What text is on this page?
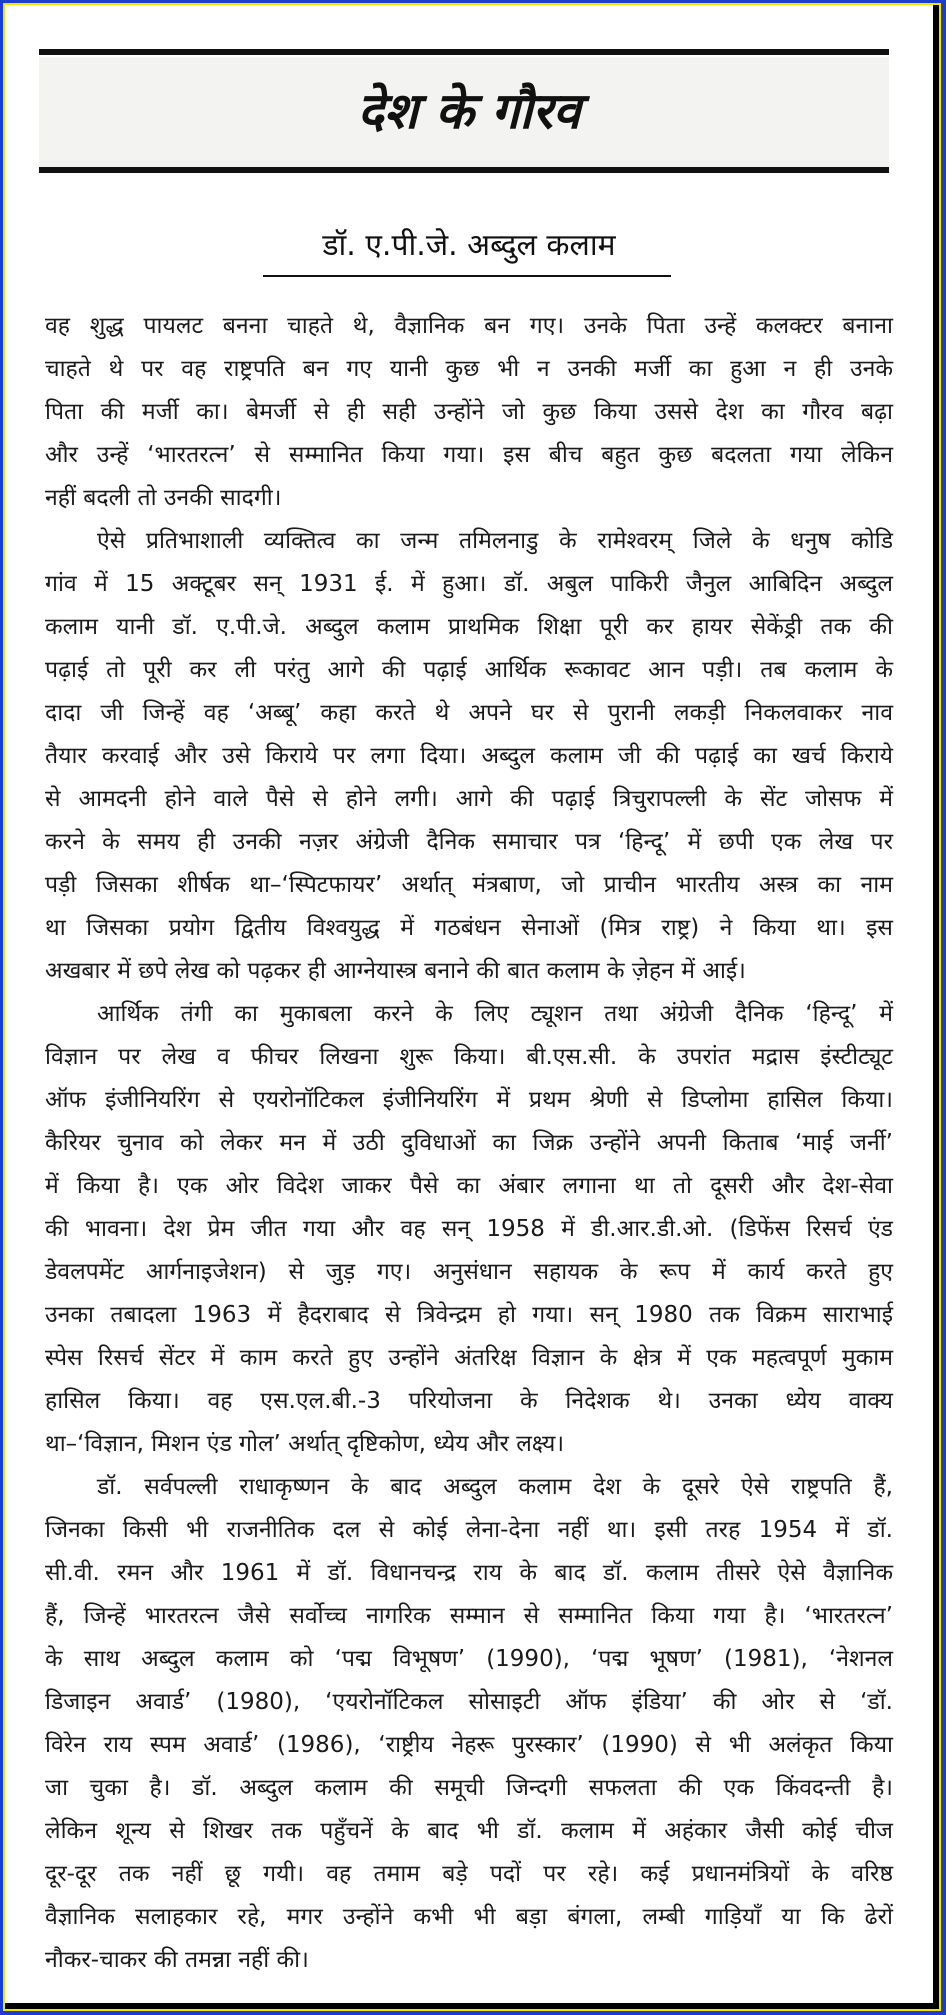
देश के गौरव
डॉ. ए.पी.जे. अब्दुल कलाम
वह शुद्ध पायलट बनना चाहते थे, वैज्ञानिक बन गए। उनके पिता उन्हें कलक्टर बनाना
चाहते थे पर वह राष्ट्रपति बन गए यानी कुछ भी न उनकी मर्जी का हुआ न ही उनके
पिता की मर्जी का। बेमर्जी से ही सही उन्होंने जो कुछ किया उससे देश का गौरव बढ़ा
और उन्हें ‘भारतरत्न’ से सम्मानित किया गया। इस बीच बहुत कुछ बदलता गया लेकिन
नहीं बदली तो उनकी सादगी।
ऐसे प्रतिभाशाली व्यक्तित्व का जन्म तमिलनाडु के रामेश्वरम् जिले के धनुष कोडि
गांव में 15 अक्टूबर सन् 1931 ई. में हुआ। डॉ. अबुल पाकिरी जैनुल आबिदिन अब्दुल
कलाम यानी डॉ. ए.पी.जे. अब्दुल कलाम प्राथमिक शिक्षा पूरी कर हायर सेकेंड्री तक की
पढ़ाई तो पूरी कर ली परंतु आगे की पढ़ाई आर्थिक रूकावट आन पड़ी। तब कलाम के
दादा जी जिन्हें वह ‘अब्बू’ कहा करते थे अपने घर से पुरानी लकड़ी निकलवाकर नाव
तैयार करवाई और उसे किराये पर लगा दिया। अब्दुल कलाम जी की पढ़ाई का खर्च किराये
से आमदनी होने वाले पैसे से होने लगी। आगे की पढ़ाई त्रिचुरापल्ली के सेंट जोसफ में
करने के समय ही उनकी नज़र अंग्रेजी दैनिक समाचार पत्र ‘हिन्दू’ में छपी एक लेख पर
पड़ी जिसका शीर्षक था–‘स्पिटफायर’ अर्थात् मंत्रबाण, जो प्राचीन भारतीय अस्त्र का नाम
था जिसका प्रयोग द्वितीय विश्वयुद्ध में गठबंधन सेनाओं (मित्र राष्ट्र) ने किया था। इस
अखबार में छपे लेख को पढ़कर ही आग्नेयास्त्र बनाने की बात कलाम के ज़ेहन में आई।
आर्थिक तंगी का मुकाबला करने के लिए ट्यूशन तथा अंग्रेजी दैनिक ‘हिन्दू’ में
विज्ञान पर लेख व फीचर लिखना शुरू किया। बी.एस.सी. के उपरांत मद्रास इंस्टीट्यूट
ऑफ इंजीनियरिंग से एयरोनॉटिकल इंजीनियरिंग में प्रथम श्रेणी से डिप्लोमा हासिल किया।
कैरियर चुनाव को लेकर मन में उठी दुविधाओं का जिक्र उन्होंने अपनी किताब ‘माई जर्नी’
में किया है। एक ओर विदेश जाकर पैसे का अंबार लगाना था तो दूसरी और देश-सेवा
की भावना। देश प्रेम जीत गया और वह सन् 1958 में डी.आर.डी.ओ. (डिफेंस रिसर्च एंड
डेवलपमेंट आर्गनाइजेशन) से जुड़ गए। अनुसंधान सहायक के रूप में कार्य करते हुए
उनका तबादला 1963 में हैदराबाद से त्रिवेन्द्रम हो गया। सन् 1980 तक विक्रम साराभाई
स्पेस रिसर्च सेंटर में काम करते हुए उन्होंने अंतरिक्ष विज्ञान के क्षेत्र में एक महत्वपूर्ण मुकाम
हासिल किया। वह एस.एल.बी.-3 परियोजना के निदेशक थे। उनका ध्येय वाक्य
था–‘विज्ञान, मिशन एंड गोल’ अर्थात् दृष्टिकोण, ध्येय और लक्ष्य।
डॉ. सर्वपल्ली राधाकृष्णन के बाद अब्दुल कलाम देश के दूसरे ऐसे राष्ट्रपति हैं,
जिनका किसी भी राजनीतिक दल से कोई लेना-देना नहीं था। इसी तरह 1954 में डॉ.
सी.वी. रमन और 1961 में डॉ. विधानचन्द्र राय के बाद डॉ. कलाम तीसरे ऐसे वैज्ञानिक
हैं, जिन्हें भारतरत्न जैसे सर्वोच्च नागरिक सम्मान से सम्मानित किया गया है। ‘भारतरत्न’
के साथ अब्दुल कलाम को ‘पद्म विभूषण’ (1990), ‘पद्म भूषण’ (1981), ‘नेशनल
डिजाइन अवार्ड’ (1980), ‘एयरोनॉटिकल सोसाइटी ऑफ इंडिया’ की ओर से ‘डॉ.
विरेन राय स्पम अवार्ड’ (1986), ‘राष्ट्रीय नेहरू पुरस्कार’ (1990) से भी अलंकृत किया
जा चुका है। डॉ. अब्दुल कलाम की समूची जिन्दगी सफलता की एक किंवदन्ती है।
लेकिन शून्य से शिखर तक पहुँचनें के बाद भी डॉ. कलाम में अहंकार जैसी कोई चीज
दूर-दूर तक नहीं छू गयी। वह तमाम बड़े पदों पर रहे। कई प्रधानमंत्रियों के वरिष्ठ
वैज्ञानिक सलाहकार रहे, मगर उन्होंने कभी भी बड़ा बंगला, लम्बी गाड़ियाँ या कि ढेरों
नौकर-चाकर की तमन्ना नहीं की।
